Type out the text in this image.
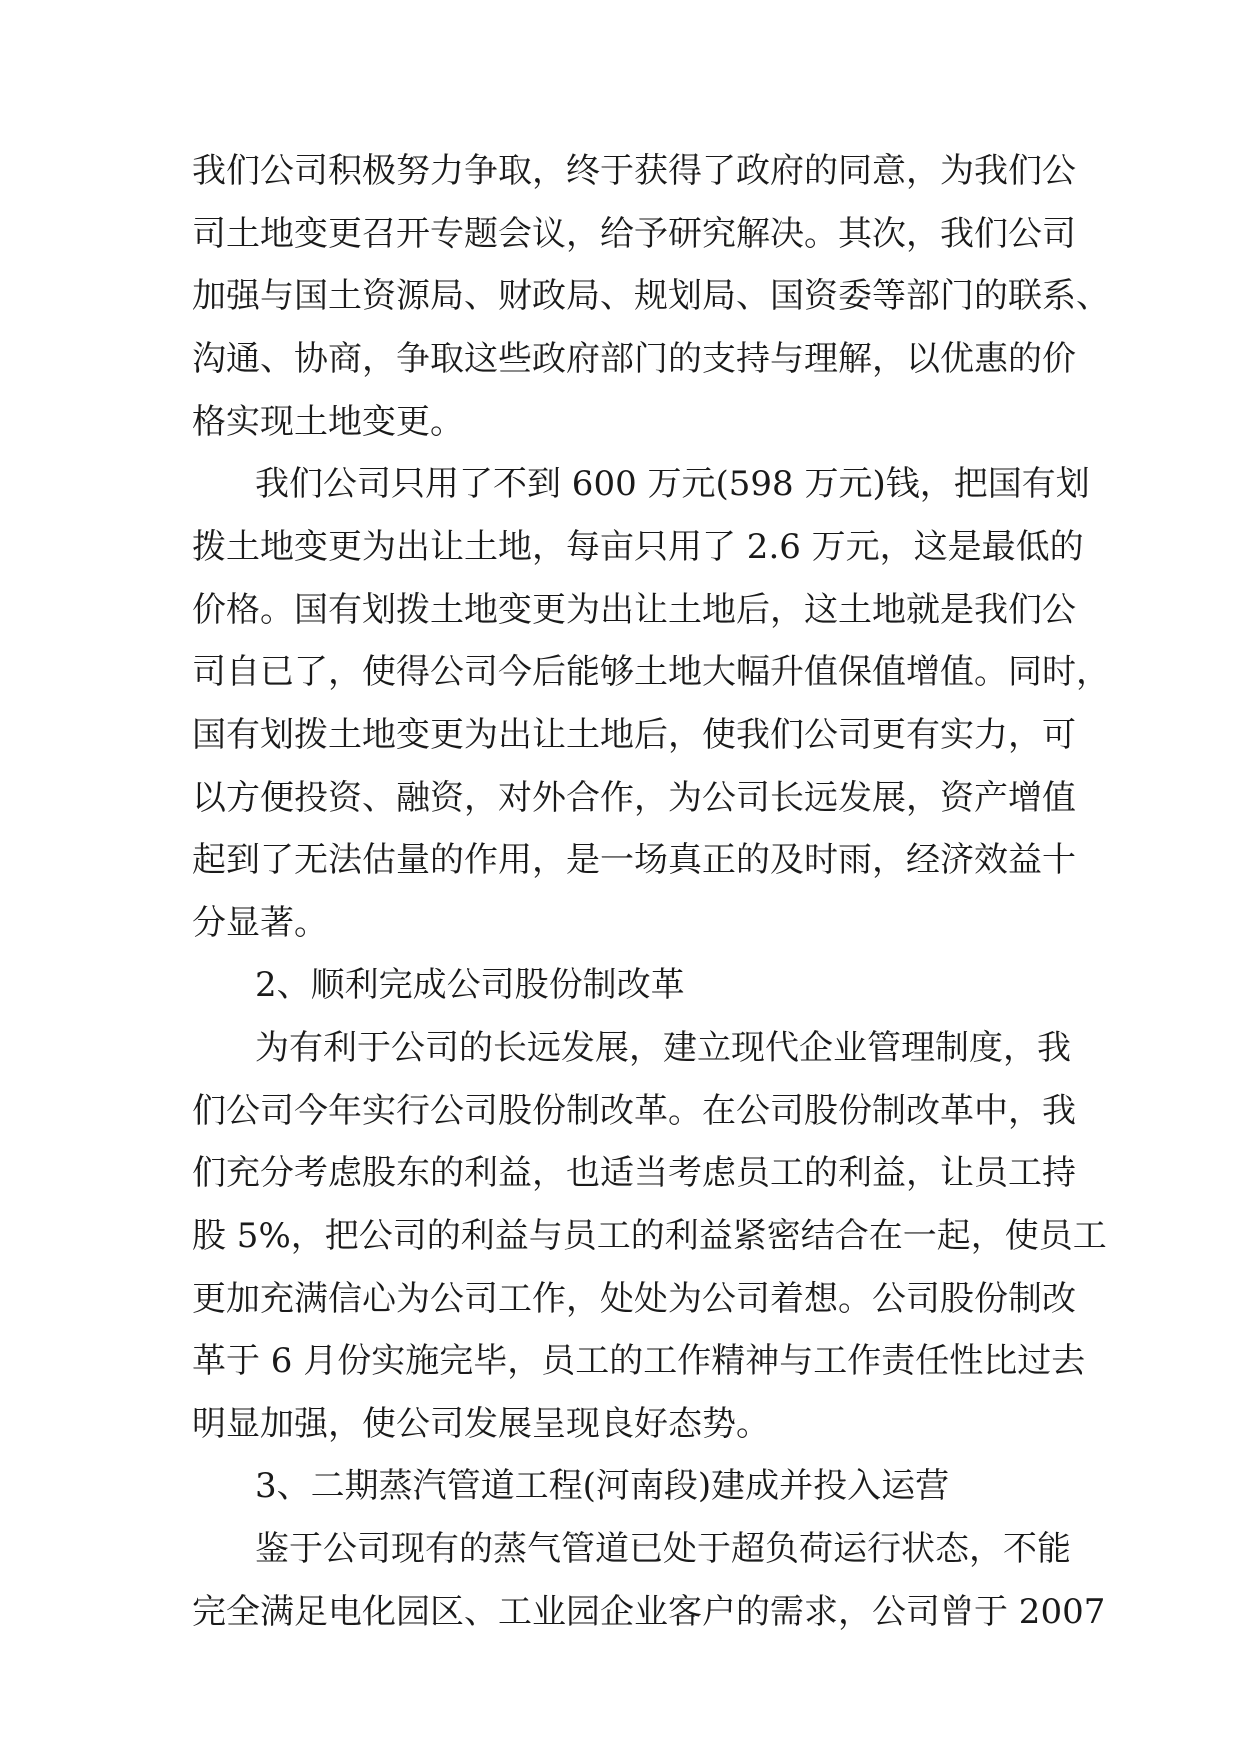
我们公司积极努力争取，终于获得了政府的同意，为我们公
司土地变更召开专题会议，给予研究解决。其次，我们公司
加强与国土资源局、财政局、规划局、国资委等部门的联系、
沟通、协商，争取这些政府部门的支持与理解，以优惠的价
格实现土地变更。
我们公司只用了不到 600 万元(598 万元)钱，把国有划
拨土地变更为出让土地，每亩只用了 2.6 万元，这是最低的
价格。国有划拨土地变更为出让土地后，这土地就是我们公
司自已了，使得公司今后能够土地大幅升值保值增值。同时，
国有划拨土地变更为出让土地后，使我们公司更有实力，可
以方便投资、融资，对外合作，为公司长远发展，资产增值
起到了无法估量的作用，是一场真正的及时雨，经济效益十
分显著。
2、顺利完成公司股份制改革
为有利于公司的长远发展，建立现代企业管理制度，我
们公司今年实行公司股份制改革。在公司股份制改革中，我
们充分考虑股东的利益，也适当考虑员工的利益，让员工持
股 5%，把公司的利益与员工的利益紧密结合在一起，使员工
更加充满信心为公司工作，处处为公司着想。公司股份制改
革于 6 月份实施完毕，员工的工作精神与工作责任性比过去
明显加强，使公司发展呈现良好态势。
3、二期蒸汽管道工程(河南段)建成并投入运营
鉴于公司现有的蒸气管道已处于超负荷运行状态，不能
完全满足电化园区、工业园企业客户的需求，公司曾于 2007
